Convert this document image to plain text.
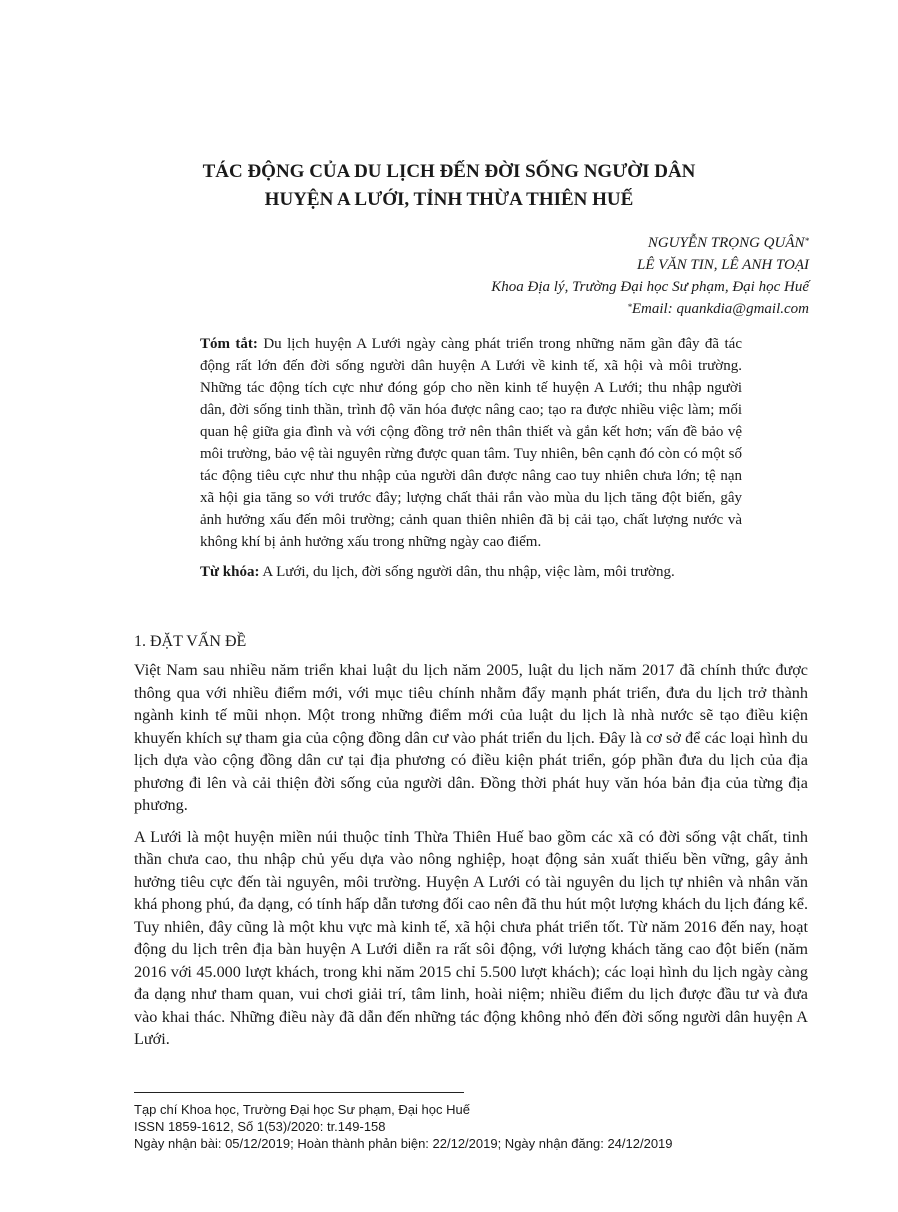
TÁC ĐỘNG CỦA DU LỊCH ĐẾN ĐỜI SỐNG NGƯỜI DÂN
HUYỆN A LƯỚI, TỈNH THỪA THIÊN HUẾ
NGUYỄN TRỌNG QUÂN*
LÊ VĂN TIN, LÊ ANH TOẠI
Khoa Địa lý, Trường Đại học Sư phạm, Đại học Huế
*Email: quankdia@gmail.com

Tóm tắt: Du lịch huyện A Lưới ngày càng phát triển trong những năm gần đây đã tác động rất lớn đến đời sống người dân huyện A Lưới về kinh tế, xã hội và môi trường. Những tác động tích cực như đóng góp cho nền kinh tế huyện A Lưới; thu nhập người dân, đời sống tinh thần, trình độ văn hóa được nâng cao; tạo ra được nhiều việc làm; mối quan hệ giữa gia đình và với cộng đồng trở nên thân thiết và gắn kết hơn; vấn đề bảo vệ môi trường, bảo vệ tài nguyên rừng được quan tâm. Tuy nhiên, bên cạnh đó còn có một số tác động tiêu cực như thu nhập của người dân được nâng cao tuy nhiên chưa lớn; tệ nạn xã hội gia tăng so với trước đây; lượng chất thải rắn vào mùa du lịch tăng đột biến, gây ảnh hưởng xấu đến môi trường; cảnh quan thiên nhiên đã bị cải tạo, chất lượng nước và không khí bị ảnh hưởng xấu trong những ngày cao điểm.

Từ khóa: A Lưới, du lịch, đời sống người dân, thu nhập, việc làm, môi trường.

1. ĐẶT VẤN ĐỀ

Việt Nam sau nhiều năm triển khai luật du lịch năm 2005, luật du lịch năm 2017 đã chính thức được thông qua với nhiều điểm mới, với mục tiêu chính nhằm đẩy mạnh phát triển, đưa du lịch trở thành ngành kinh tế mũi nhọn. Một trong những điểm mới của luật du lịch là nhà nước sẽ tạo điều kiện khuyến khích sự tham gia của cộng đồng dân cư vào phát triển du lịch. Đây là cơ sở để các loại hình du lịch dựa vào cộng đồng dân cư tại địa phương có điều kiện phát triển, góp phần đưa du lịch của địa phương đi lên và cải thiện đời sống của người dân. Đồng thời phát huy văn hóa bản địa của từng địa phương.

A Lưới là một huyện miền núi thuộc tỉnh Thừa Thiên Huế bao gồm các xã có đời sống vật chất, tinh thần chưa cao, thu nhập chủ yếu dựa vào nông nghiệp, hoạt động sản xuất thiếu bền vững, gây ảnh hưởng tiêu cực đến tài nguyên, môi trường. Huyện A Lưới có tài nguyên du lịch tự nhiên và nhân văn khá phong phú, đa dạng, có tính hấp dẫn tương đối cao nên đã thu hút một lượng khách du lịch đáng kể. Tuy nhiên, đây cũng là một khu vực mà kinh tế, xã hội chưa phát triển tốt. Từ năm 2016 đến nay, hoạt động du lịch trên địa bàn huyện A Lưới diễn ra rất sôi động, với lượng khách tăng cao đột biến (năm 2016 với 45.000 lượt khách, trong khi năm 2015 chỉ 5.500 lượt khách); các loại hình du lịch ngày càng đa dạng như tham quan, vui chơi giải trí, tâm linh, hoài niệm; nhiều điểm du lịch được đầu tư và đưa vào khai thác. Những điều này đã dẫn đến những tác động không nhỏ đến đời sống người dân huyện A Lưới.

Tạp chí Khoa học, Trường Đại học Sư phạm, Đại học Huế
ISSN 1859-1612, Số 1(53)/2020: tr.149-158
Ngày nhận bài: 05/12/2019; Hoàn thành phản biện: 22/12/2019; Ngày nhận đăng: 24/12/2019
